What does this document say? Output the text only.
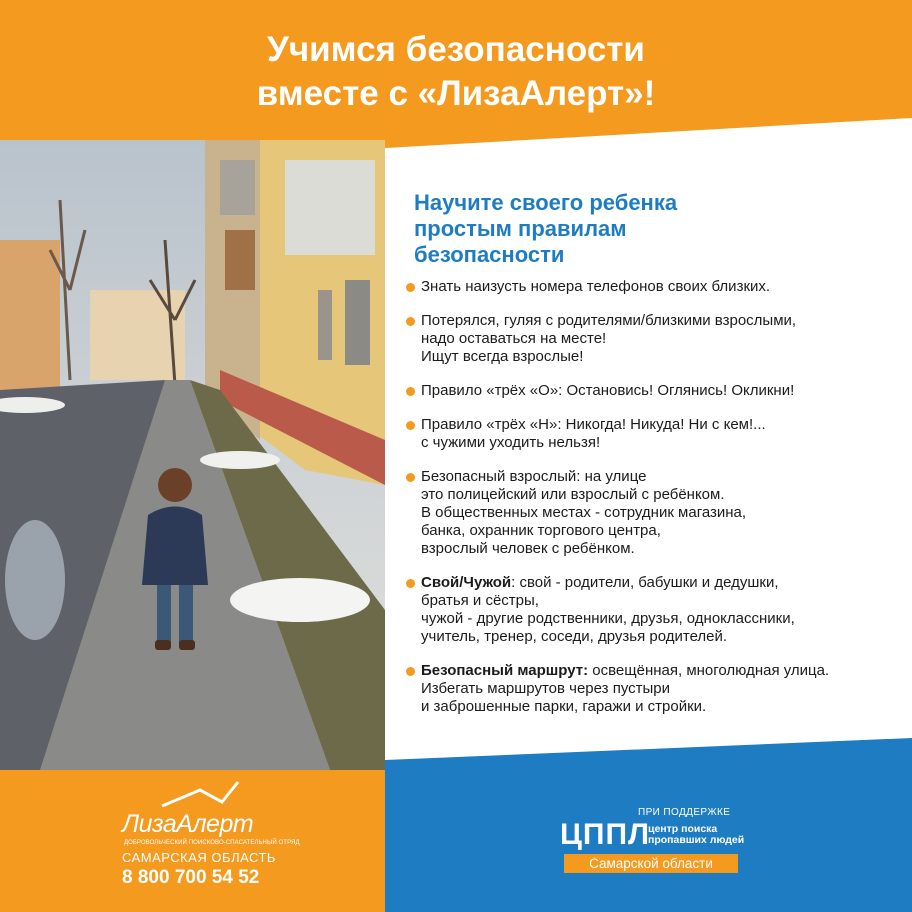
Учимся безопасности
вместе с «ЛизаАлерт»!
Научите своего ребенка
простым правилам
безопасности
Знать наизусть номера телефонов своих близких.
Потерялся, гуляя с родителями/близкими взрослыми,
надо оставаться на месте!
Ищут всегда взрослые!
Правило «трёх «О»: Остановись! Оглянись! Окликни!
Правило «трёх «Н»: Никогда! Никуда! Ни с кем!...
с чужими уходить нельзя!
Безопасный взрослый: на улице
это полицейский или взрослый с ребёнком.
В общественных местах - сотрудник магазина,
банка, охранник торгового центра,
взрослый человек с ребёнком.
Свой/Чужой: свой - родители, бабушки и дедушки,
братья и сёстры,
чужой - другие родственники, друзья, одноклассники,
учитель, тренер, соседи, друзья родителей.
Безопасный маршрут: освещённая, многолюдная улица.
Избегать маршрутов через пустыри
и заброшенные парки, гаражи и стройки.
ЛизаАлерт
ДОБРОВОЛЬЧЕСКИЙ ПОИСКОВО-СПАСАТЕЛЬНЫЙ ОТРЯД
САМАРСКАЯ ОБЛАСТЬ
8 800 700 54 52
ПРИ ПОДДЕРЖКЕ
ЦППЛ
центр поиска
пропавших людей
Самарской области
